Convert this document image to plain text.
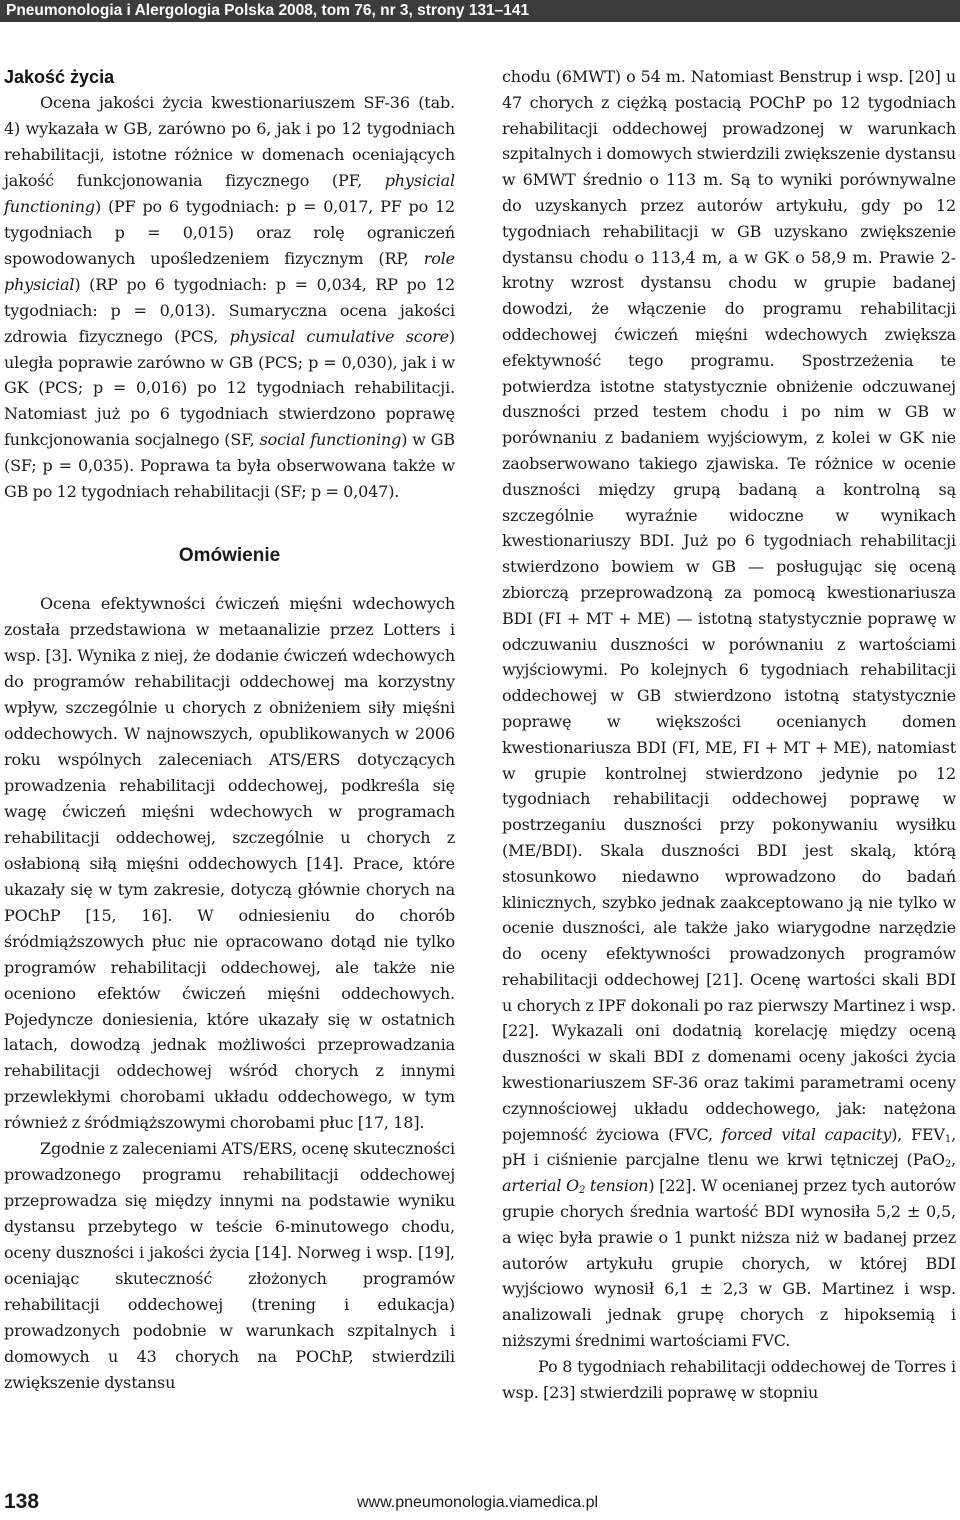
Pneumonologia i Alergologia Polska 2008, tom 76, nr 3, strony 131–141
Jakość życia

Ocena jakości życia kwestionariuszem SF-36 (tab. 4) wykazała w GB, zarówno po 6, jak i po 12 tygodniach rehabilitacji, istotne różnice w domenach oceniających jakość funkcjonowania fizycznego (PF, physicial functioning) (PF po 6 tygodniach: p = 0,017, PF po 12 tygodniach p = 0,015) oraz rolę ograniczeń spowodowanych upośledzeniem fizycznym (RP, role physicial) (RP po 6 tygodniach: p = 0,034, RP po 12 tygodniach: p = 0,013). Sumaryczna ocena jakości zdrowia fizycznego (PCS, physical cumulative score) uległa poprawie zarówno w GB (PCS; p = 0,030), jak i w GK (PCS; p = 0,016) po 12 tygodniach rehabilitacji. Natomiast już po 6 tygodniach stwierdzono poprawę funkcjonowania socjalnego (SF, social functioning) w GB (SF; p = 0,035). Poprawa ta była obserwowana także w GB po 12 tygodniach rehabilitacji (SF; p = 0,047).

Omówienie

Ocena efektywności ćwiczeń mięśni wdechowych została przedstawiona w metaanalizie przez Lotters i wsp. [3]. Wynika z niej, że dodanie ćwiczeń wdechowych do programów rehabilitacji oddechowej ma korzystny wpływ, szczególnie u chorych z obniżeniem siły mięśni oddechowych. W najnowszych, opublikowanych w 2006 roku wspólnych zaleceniach ATS/ERS dotyczących prowadzenia rehabilitacji oddechowej, podkreśla się wagę ćwiczeń mięśni wdechowych w programach rehabilitacji oddechowej, szczególnie u chorych z osłabioną siłą mięśni oddechowych [14]. Prace, które ukazały się w tym zakresie, dotyczą głównie chorych na POChP [15, 16]. W odniesieniu do chorób śródmiąższowych płuc nie opracowano dotąd nie tylko programów rehabilitacji oddechowej, ale także nie oceniono efektów ćwiczeń mięśni oddechowych. Pojedyncze doniesienia, które ukazały się w ostatnich latach, dowodzą jednak możliwości przeprowadzania rehabilitacji oddechowej wśród chorych z innymi przewlekłymi chorobami układu oddechowego, w tym również z śródmiąższowymi chorobami płuc [17, 18].

Zgodnie z zaleceniami ATS/ERS, ocenę skuteczności prowadzonego programu rehabilitacji oddechowej przeprowadza się między innymi na podstawie wyniku dystansu przebytego w teście 6-minutowego chodu, oceny duszności i jakości życia [14]. Norweg i wsp. [19], oceniając skuteczność złożonych programów rehabilitacji oddechowej (trening i edukacja) prowadzonych podobnie w warunkach szpitalnych i domowych u 43 chorych na POChP, stwierdzili zwiększenie dystansu

chodu (6MWT) o 54 m. Natomiast Benstrup i wsp. [20] u 47 chorych z ciężką postacią POChP po 12 tygodniach rehabilitacji oddechowej prowadzonej w warunkach szpitalnych i domowych stwierdzili zwiększenie dystansu w 6MWT średnio o 113 m. Są to wyniki porównywalne do uzyskanych przez autorów artykułu, gdy po 12 tygodniach rehabilitacji w GB uzyskano zwiększenie dystansu chodu o 113,4 m, a w GK o 58,9 m. Prawie 2-krotny wzrost dystansu chodu w grupie badanej dowodzi, że włączenie do programu rehabilitacji oddechowej ćwiczeń mięśni wdechowych zwiększa efektywność tego programu. Spostrzeżenia te potwierdza istotne statystycznie obniżenie odczuwanej duszności przed testem chodu i po nim w GB w porównaniu z badaniem wyjściowym, z kolei w GK nie zaobserwowano takiego zjawiska. Te różnice w ocenie duszności między grupą badaną a kontrolną są szczególnie wyraźnie widoczne w wynikach kwestionariuszy BDI. Już po 6 tygodniach rehabilitacji stwierdzono bowiem w GB — posługując się oceną zbiorczą przeprowadzoną za pomocą kwestionariusza BDI (FI + MT + ME) — istotną statystycznie poprawę w odczuwaniu duszności w porównaniu z wartościami wyjściowymi. Po kolejnych 6 tygodniach rehabilitacji oddechowej w GB stwierdzono istotną statystycznie poprawę w większości ocenianych domen kwestionariusza BDI (FI, ME, FI + MT + ME), natomiast w grupie kontrolnej stwierdzono jedynie po 12 tygodniach rehabilitacji oddechowej poprawę w postrzeganiu duszności przy pokonywaniu wysiłku (ME/BDI). Skala duszności BDI jest skalą, którą stosunkowo niedawno wprowadzono do badań klinicznych, szybko jednak zaakceptowano ją nie tylko w ocenie duszności, ale także jako wiarygodne narzędzie do oceny efektywności prowadzonych programów rehabilitacji oddechowej [21]. Ocenę wartości skali BDI u chorych z IPF dokonali po raz pierwszy Martinez i wsp. [22]. Wykazali oni dodatnią korelację między oceną duszności w skali BDI z domenami oceny jakości życia kwestionariuszem SF-36 oraz takimi parametrami oceny czynnościowej układu oddechowego, jak: natężona pojemność życiowa (FVC, forced vital capacity), $FEV_1$, pH i ciśnienie parcjalne tlenu we krwi tętniczej (PaO$_2$, arterial $O_2$ tension) [22]. W ocenianej przez tych autorów grupie chorych średnia wartość BDI wynosiła 5,2 ± 0,5, a więc była prawie o 1 punkt niższa niż w badanej przez autorów artykułu grupie chorych, w której BDI wyjściowo wynosił 6,1 ± 2,3 w GB. Martinez i wsp. analizowali jednak grupę chorych z hipoksemią i niższymi średnimi wartościami FVC.

Po 8 tygodniach rehabilitacji oddechowej de Torres i wsp. [23] stwierdzili poprawę w stopniu

138	www.pneumonologia.viamedica.pl
